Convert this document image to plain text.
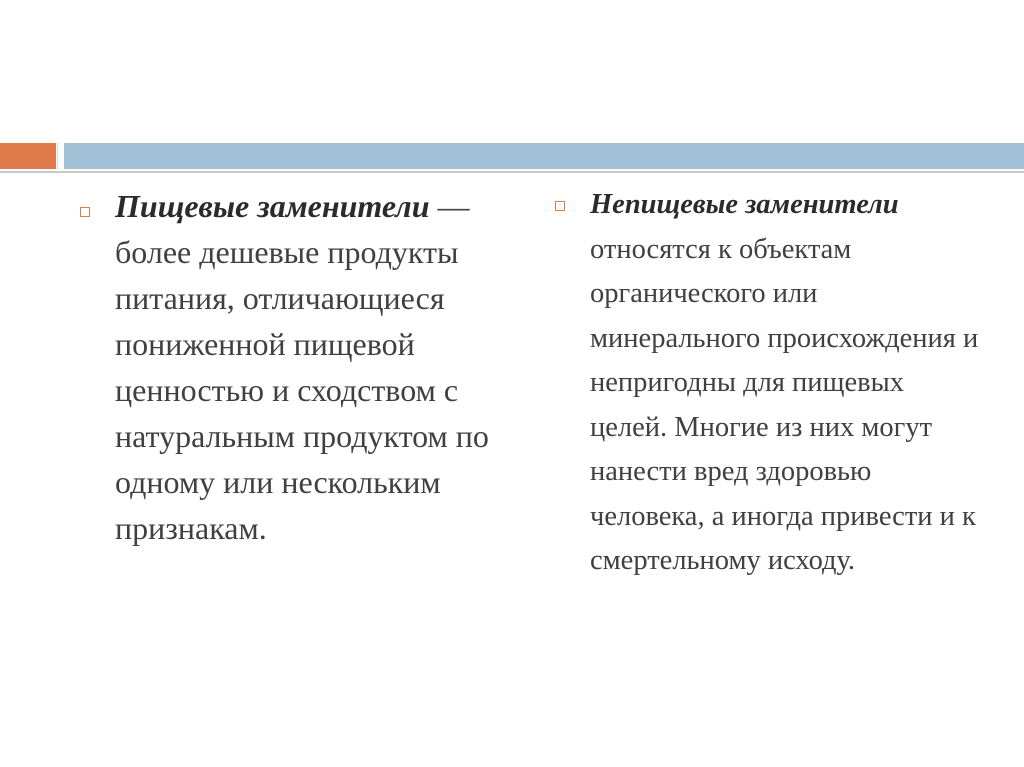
Пищевые заменители — более дешевые продукты питания, отличающиеся пониженной пищевой ценностью и сходством с натуральным продуктом по одному или нескольким признакам.
Непищевые заменители относятся к объектам органического или минерального происхождения и непригодны для пищевых целей. Многие из них могут нанести вред здоровью человека, а иногда привести и к смертельному исходу.
